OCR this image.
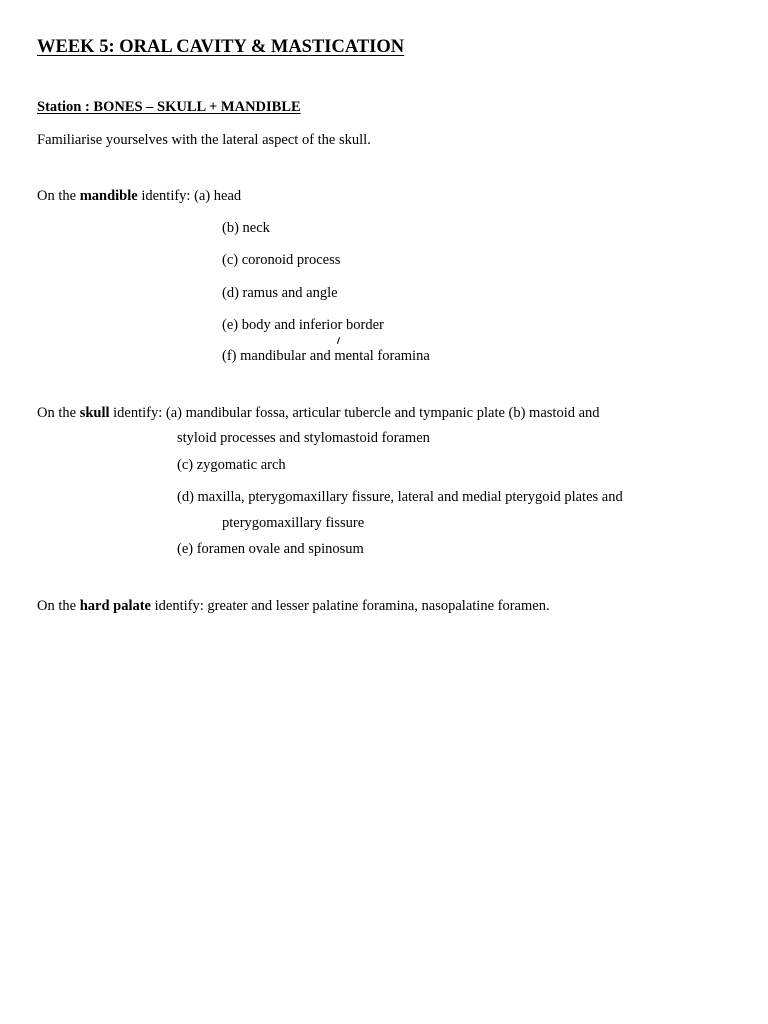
WEEK 5: ORAL CAVITY & MASTICATION
Station : BONES – SKULL + MANDIBLE
Familiarise yourselves with the lateral aspect of the skull.
On the mandible identify: (a) head
(b) neck
(c) coronoid process
(d) ramus and angle
(e) body and inferior border
(f) mandibular and mental foramina
On the skull identify: (a) mandibular fossa, articular tubercle and tympanic plate (b) mastoid and
styloid processes and stylomastoid foramen
(c) zygomatic arch
(d) maxilla, pterygomaxillary fissure, lateral and medial pterygoid plates and
pterygomaxillary fissure
(e) foramen ovale and spinosum
On the hard palate identify: greater and lesser palatine foramina, nasopalatine foramen.
